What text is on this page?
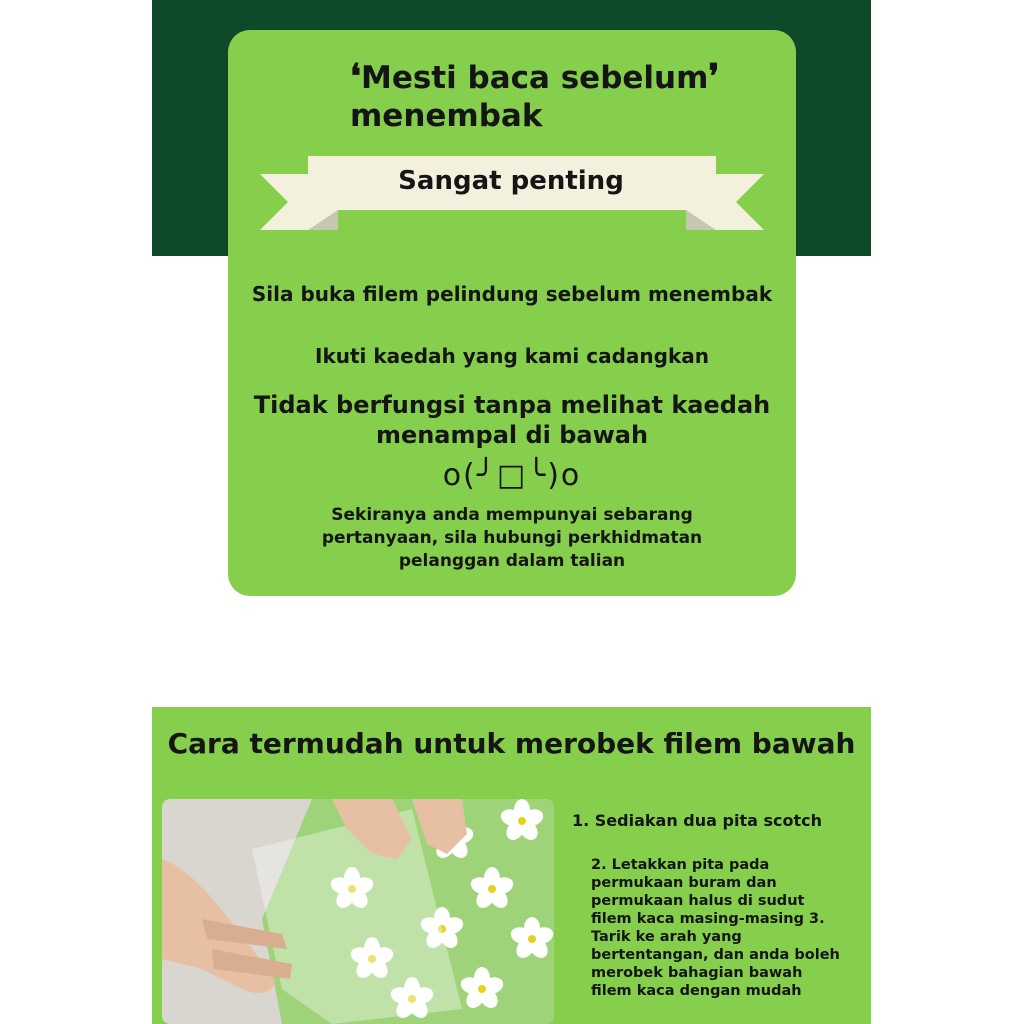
❛Mesti baca sebelum❜
menembak
Sangat penting
Sila buka filem pelindung sebelum menembak
Ikuti kaedah yang kami cadangkan
Tidak berfungsi tanpa melihat kaedah
menampal di bawah
o(╯□╰)o
Sekiranya anda mempunyai sebarang
pertanyaan, sila hubungi perkhidmatan
pelanggan dalam talian
Cara termudah untuk merobek filem bawah
1. Sediakan dua pita scotch
2. Letakkan pita pada
permukaan buram dan
permukaan halus di sudut
filem kaca masing-masing 3.
Tarik ke arah yang
bertentangan, dan anda boleh
merobek bahagian bawah
filem kaca dengan mudah
